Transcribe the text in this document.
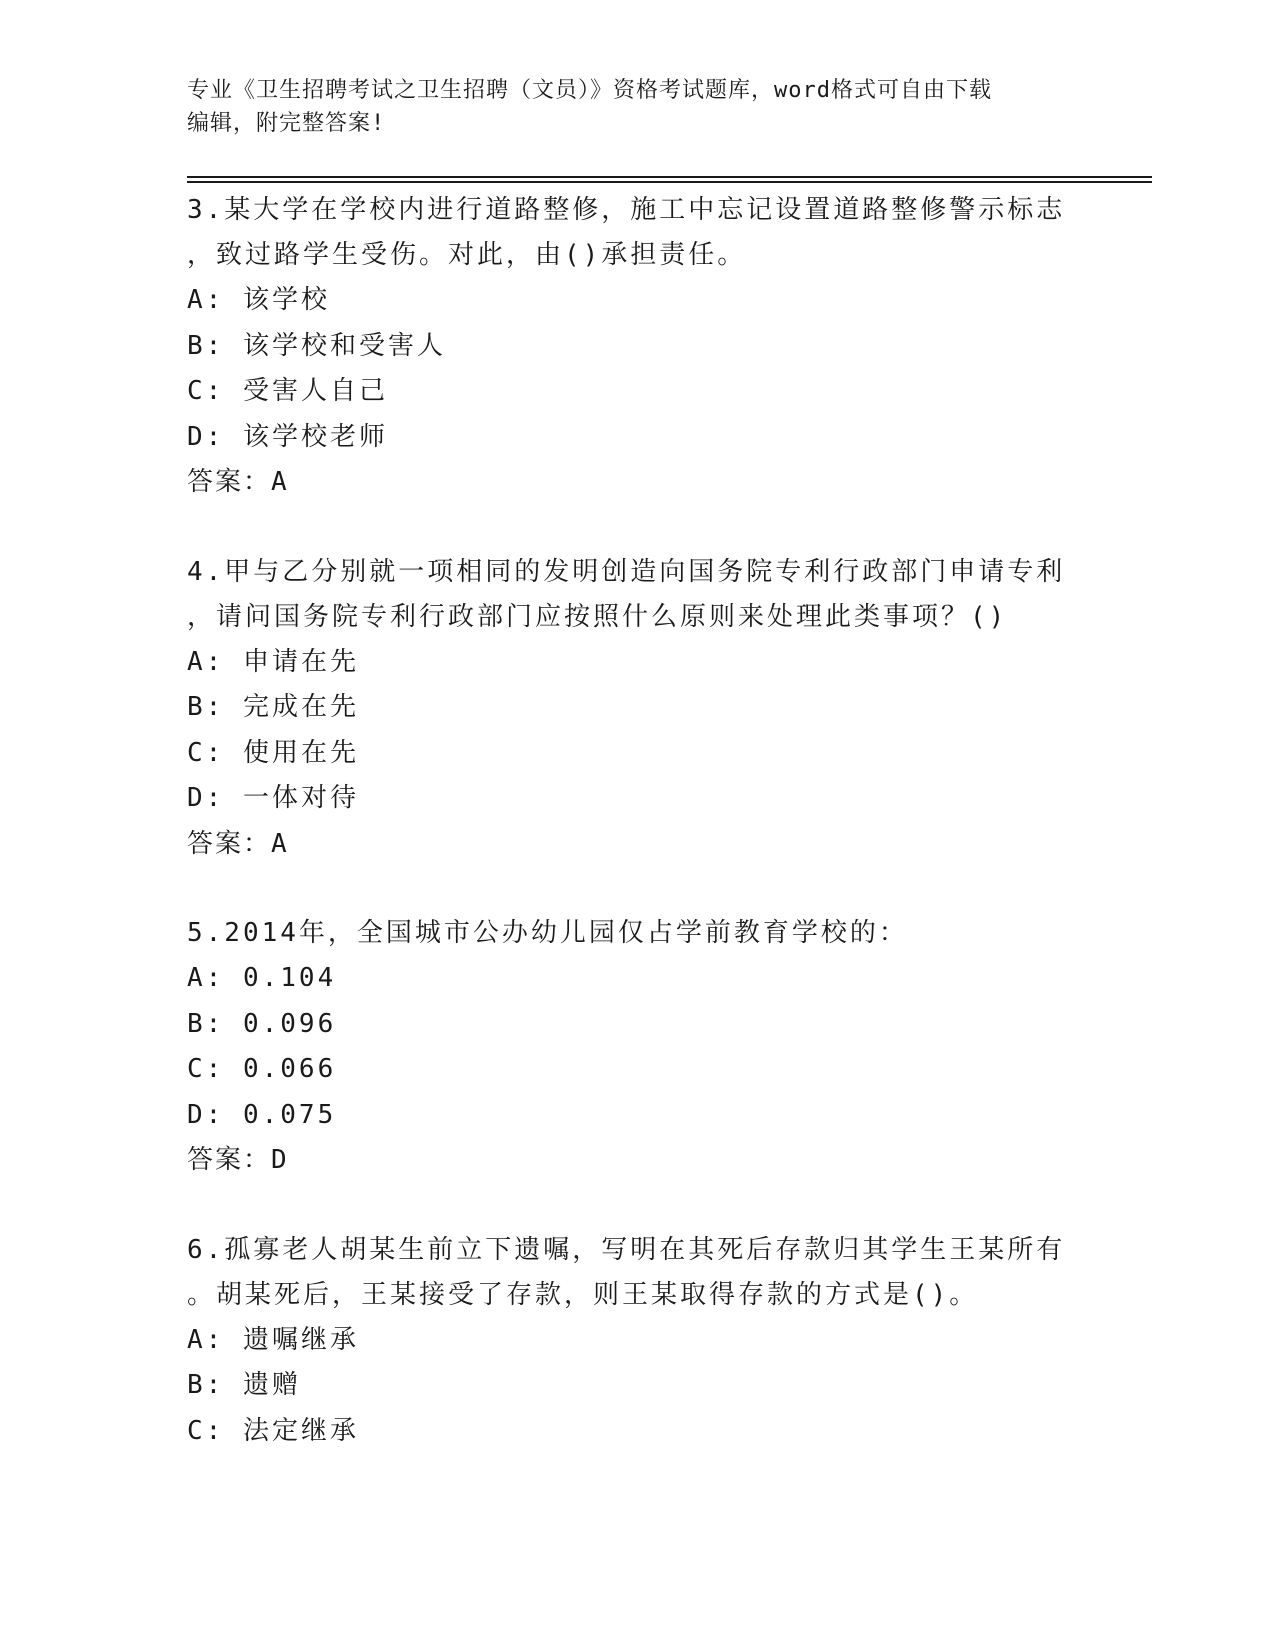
专业《卫生招聘考试之卫生招聘（文员）》资格考试题库，word格式可自由下载
编辑，附完整答案!

3.某大学在学校内进行道路整修，施工中忘记设置道路整修警示标志

，致过路学生受伤。对此，由()承担责任。

A: 该学校

B: 该学校和受害人

C: 受害人自己

D: 该学校老师

答案：A

4.甲与乙分别就一项相同的发明创造向国务院专利行政部门申请专利

，请问国务院专利行政部门应按照什么原则来处理此类事项？()

A: 申请在先

B: 完成在先

C: 使用在先

D: 一体对待

答案：A

5.2014年，全国城市公办幼儿园仅占学前教育学校的：

A: 0.104

B: 0.096

C: 0.066

D: 0.075

答案：D

6.孤寡老人胡某生前立下遗嘱，写明在其死后存款归其学生王某所有

。胡某死后，王某接受了存款，则王某取得存款的方式是()。

A: 遗嘱继承

B: 遗赠

C: 法定继承
